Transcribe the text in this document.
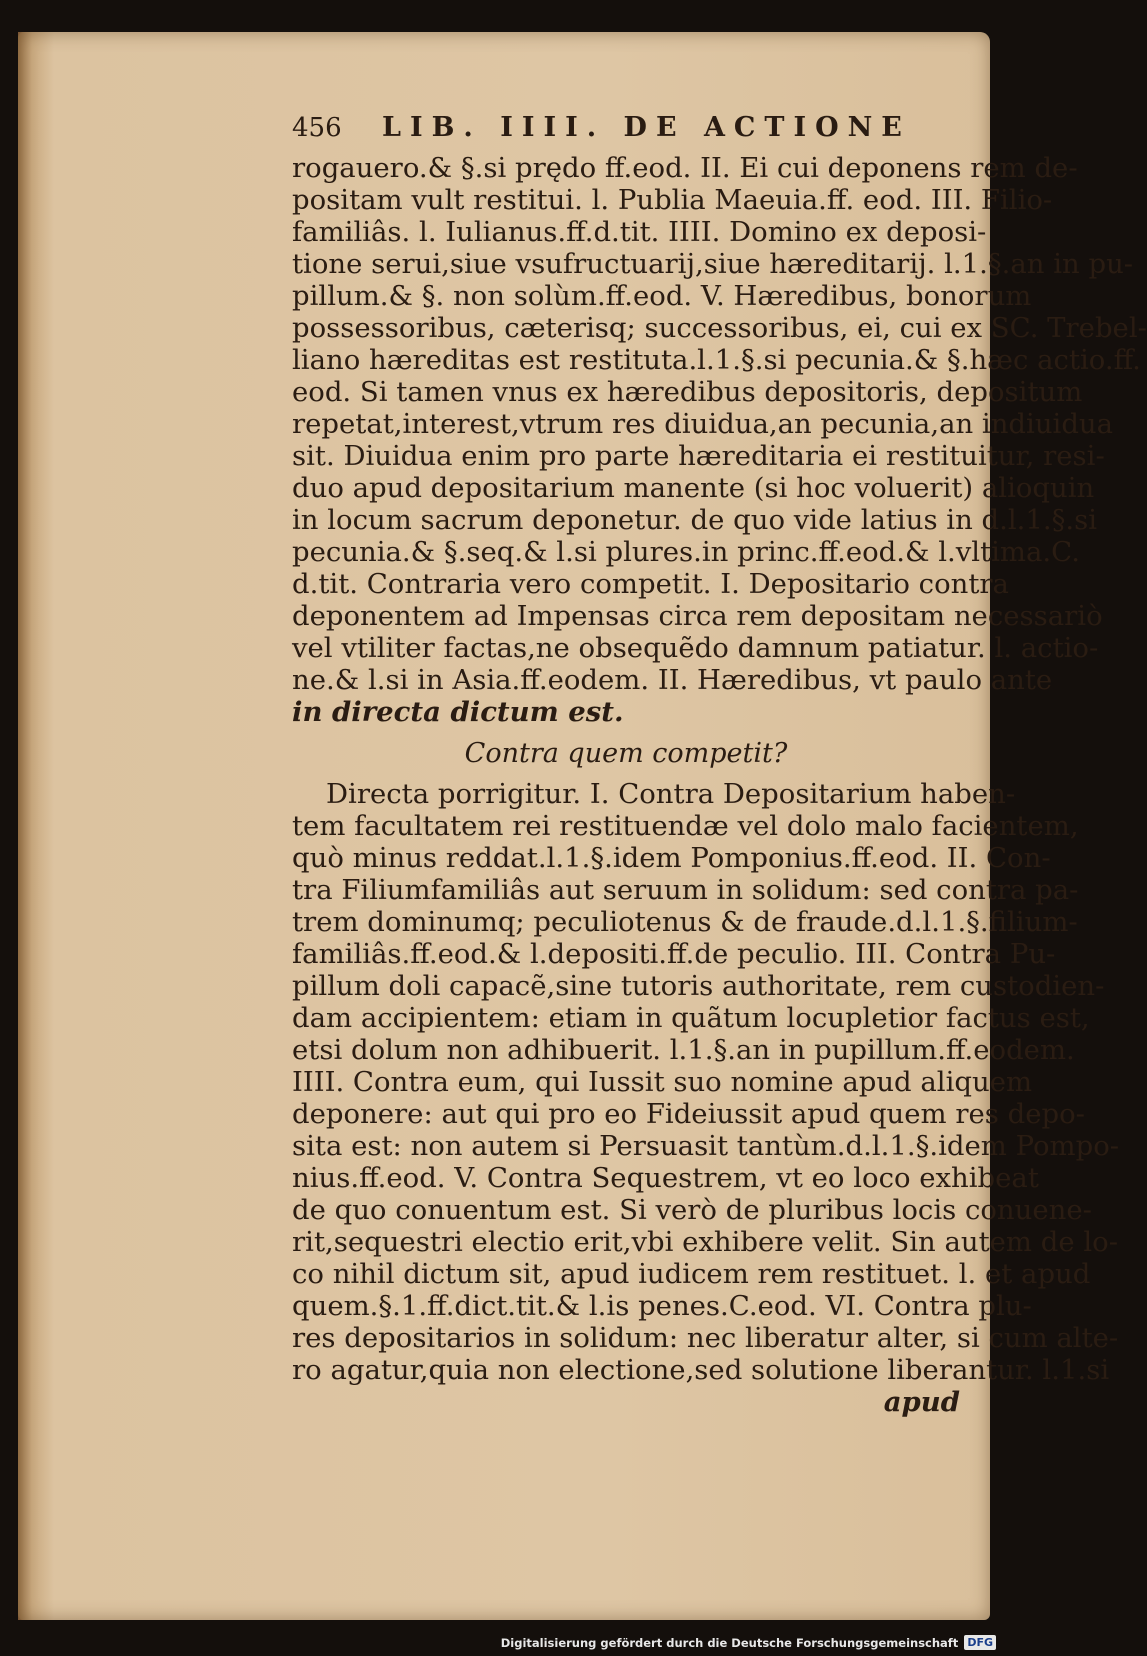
456	LIB. IIII. DE ACTIONE
rogauero.& §.si prędo ff.eod. II. Ei cui deponens rem de-
positam vult restitui. l. Publia Maeuia.ff. eod. III. Filio-
familiâs. l. Iulianus.ff.d.tit. IIII. Domino ex deposi-
tione serui,siue vsufructuarij,siue hæreditarij. l.1.§.an in pu-
pillum.& §. non solùm.ff.eod. V. Hæredibus, bonorum
possessoribus, cæterisq; successoribus, ei, cui ex SC. Trebel-
liano hæreditas est restituta.l.1.§.si pecunia.& §.hæc actio.ff.
eod. Si tamen vnus ex hæredibus depositoris, depositum
repetat,interest,vtrum res diuidua,an pecunia,an indiuidua
sit. Diuidua enim pro parte hæreditaria ei restituitur, resi-
duo apud depositarium manente (si hoc voluerit) alioquin
in locum sacrum deponetur. de quo vide latius in d.l.1.§.si
pecunia.& §.seq.& l.si plures.in princ.ff.eod.& l.vltima.C.
d.tit. Contraria vero competit. I. Depositario contra
deponentem ad Impensas circa rem depositam necessariò
vel vtiliter factas,ne obsequẽdo damnum patiatur. l. actio-
ne.& l.si in Asia.ff.eodem. II. Hæredibus, vt paulo ante
in directa dictum est.
Contra quem competit?
Directa porrigitur. I. Contra Depositarium haben-
tem facultatem rei restituendæ vel dolo malo facientem,
quò minus reddat.l.1.§.idem Pomponius.ff.eod. II. Con-
tra Filiumfamiliâs aut seruum in solidum: sed contra pa-
trem dominumq; peculiotenus & de fraude.d.l.1.§.filium-
familiâs.ff.eod.& l.depositi.ff.de peculio. III. Contra Pu-
pillum doli capacẽ,sine tutoris authoritate, rem custodien-
dam accipientem: etiam in quãtum locupletior factus est,
etsi dolum non adhibuerit. l.1.§.an in pupillum.ff.eodem.
IIII. Contra eum, qui Iussit suo nomine apud aliquem
deponere: aut qui pro eo Fideiussit apud quem res depo-
sita est: non autem si Persuasit tantùm.d.l.1.§.idem Pompo-
nius.ff.eod. V. Contra Sequestrem, vt eo loco exhibeat
de quo conuentum est. Si verò de pluribus locis conuene-
rit,sequestri electio erit,vbi exhibere velit. Sin autem de lo-
co nihil dictum sit, apud iudicem rem restituet. l. et apud
quem.§.1.ff.dict.tit.& l.is penes.C.eod. VI. Contra plu-
res depositarios in solidum: nec liberatur alter, si cum alte-
ro agatur,quia non electione,sed solutione liberantur. l.1.si
apud
Digitalisierung gefördert durch die Deutsche Forschungsgemeinschaft DFG
